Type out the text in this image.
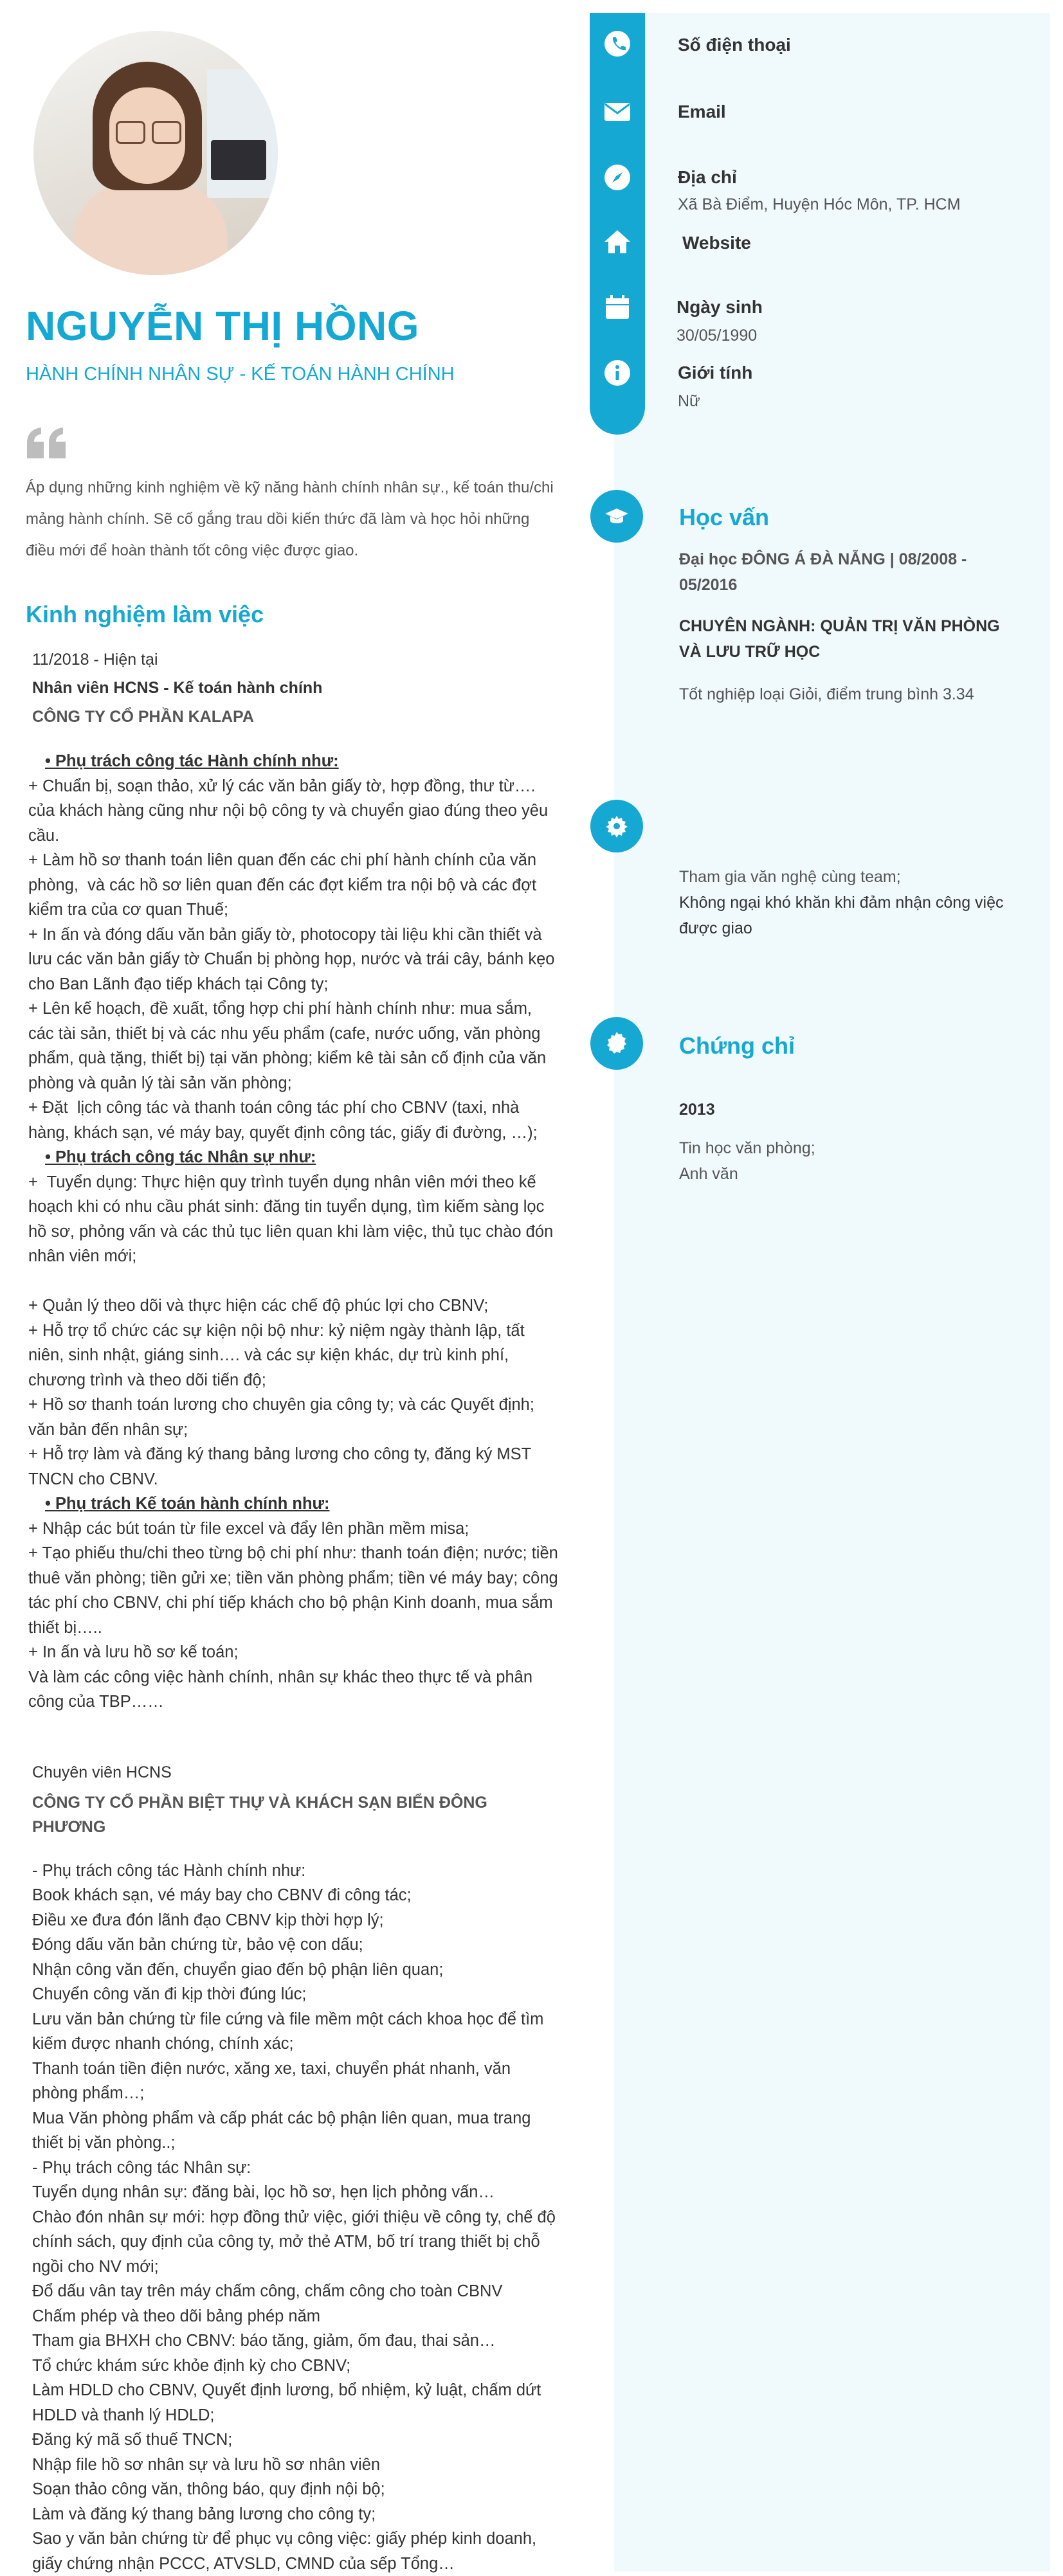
NGUYỄN THỊ HỒNG
HÀNH CHÍNH NHÂN SỰ - KẾ TOÁN HÀNH CHÍNH
Áp dụng những kinh nghiệm về kỹ năng hành chính nhân sự., kế toán thu/chi mảng hành chính. Sẽ cố gắng trau dồi kiến thức đã làm và học hỏi những điều mới để hoàn thành tốt công việc được giao.
Kinh nghiệm làm việc
11/2018 - Hiện tại
Nhân viên HCNS - Kế toán hành chính
CÔNG TY CỔ PHẦN KALAPA
• Phụ trách công tác Hành chính như:
+ Chuẩn bị, soạn thảo, xử lý các văn bản giấy tờ, hợp đồng, thư từ…. của khách hàng cũng như nội bộ công ty và chuyển giao đúng theo yêu cầu.
+ Làm hồ sơ thanh toán liên quan đến các chi phí hành chính của văn phòng,  và các hồ sơ liên quan đến các đợt kiểm tra nội bộ và các đợt kiểm tra của cơ quan Thuế;
+ In ấn và đóng dấu văn bản giấy tờ, photocopy tài liệu khi cần thiết và lưu các văn bản giấy tờ Chuẩn bị phòng họp, nước và trái cây, bánh kẹo cho Ban Lãnh đạo tiếp khách tại Công ty;
+ Lên kế hoạch, đề xuất, tổng hợp chi phí hành chính như: mua sắm, các tài sản, thiết bị và các nhu yếu phẩm (cafe, nước uống, văn phòng phẩm, quà tặng, thiết bị) tại văn phòng; kiểm kê tài sản cố định của văn phòng và quản lý tài sản văn phòng;
+ Đặt  lịch công tác và thanh toán công tác phí cho CBNV (taxi, nhà hàng, khách sạn, vé máy bay, quyết định công tác, giấy đi đường, …);

• Phụ trách công tác Nhân sự như:
+  Tuyển dụng: Thực hiện quy trình tuyển dụng nhân viên mới theo kế hoạch khi có nhu cầu phát sinh: đăng tin tuyển dụng, tìm kiếm sàng lọc hồ sơ, phỏng vấn và các thủ tục liên quan khi làm việc, thủ tục chào đón nhân viên mới;

+ Quản lý theo dõi và thực hiện các chế độ phúc lợi cho CBNV;
+ Hỗ trợ tổ chức các sự kiện nội bộ như: kỷ niệm ngày thành lập, tất niên, sinh nhật, giáng sinh…. và các sự kiện khác, dự trù kinh phí, chương trình và theo dõi tiến độ;
+ Hồ sơ thanh toán lương cho chuyên gia công ty; và các Quyết định; văn bản đến nhân sự;
+ Hỗ trợ làm và đăng ký thang bảng lương cho công ty, đăng ký MST TNCN cho CBNV.

• Phụ trách Kế toán hành chính như:
+ Nhập các bút toán từ file excel và đẩy lên phần mềm misa;
+ Tạo phiếu thu/chi theo từng bộ chi phí như: thanh toán điện; nước; tiền thuê văn phòng; tiền gửi xe; tiền văn phòng phẩm; tiền vé máy bay; công tác phí cho CBNV, chi phí tiếp khách cho bộ phận Kinh doanh, mua sắm thiết bị…..
+ In ấn và lưu hồ sơ kế toán;
Và làm các công việc hành chính, nhân sự khác theo thực tế và phân công của TBP……
Chuyên viên HCNS
CÔNG TY CỔ PHẦN BIỆT THỰ VÀ KHÁCH SẠN BIỂN ĐÔNG PHƯƠNG
- Phụ trách công tác Hành chính như:
Book khách sạn, vé máy bay cho CBNV đi công tác;
Điều xe đưa đón lãnh đạo CBNV kịp thời hợp lý;
Đóng dấu văn bản chứng từ, bảo vệ con dấu;
Nhận công văn đến, chuyển giao đến bộ phận liên quan;
Chuyển công văn đi kịp thời đúng lúc;
Lưu văn bản chứng từ file cứng và file mềm một cách khoa học để tìm kiếm được nhanh chóng, chính xác;
Thanh toán tiền điện nước, xăng xe, taxi, chuyển phát nhanh, văn phòng phẩm…;
Mua Văn phòng phẩm và cấp phát các bộ phận liên quan, mua trang thiết bị văn phòng..;
- Phụ trách công tác Nhân sự:
Tuyển dụng nhân sự: đăng bài, lọc hồ sơ, hẹn lịch phỏng vấn…
Chào đón nhân sự mới: hợp đồng thử việc, giới thiệu về công ty, chế độ chính sách, quy định của công ty, mở thẻ ATM, bố trí trang thiết bị chỗ ngồi cho NV mới;
Đổ dấu vân tay trên máy chấm công, chấm công cho toàn CBNV
Chấm phép và theo dõi bảng phép năm
Tham gia BHXH cho CBNV: báo tăng, giảm, ốm đau, thai sản…
Tổ chức khám sức khỏe định kỳ cho CBNV;
Làm HDLD cho CBNV, Quyết định lương, bổ nhiệm, kỷ luật, chấm dứt HDLD và thanh lý HDLD;
Đăng ký mã số thuế TNCN;
Nhập file hồ sơ nhân sự và lưu hồ sơ nhân viên
Soạn thảo công văn, thông báo, quy định nội bộ;
Làm và đăng ký thang bảng lương cho công ty;
Sao y văn bản chứng từ để phục vụ công việc: giấy phép kinh doanh, giấy chứng nhận PCCC, ATVSLD, CMND của sếp Tổng…
Số điện thoại
Email
Địa chỉ
Xã Bà Điểm, Huyện Hóc Môn, TP. HCM
Website
Ngày sinh
30/05/1990
Giới tính
Nữ
Học vấn
Đại học ĐÔNG Á ĐÀ NẴNG | 08/2008 - 05/2016
CHUYÊN NGÀNH: QUẢN TRỊ VĂN PHÒNG VÀ LƯU TRỮ HỌC
Tốt nghiệp loại Giỏi, điểm trung bình 3.34
Tham gia văn nghệ cùng team;
Không ngại khó khăn khi đảm nhận công việc được giao
Chứng chỉ
2013
Tin học văn phòng;
Anh văn
